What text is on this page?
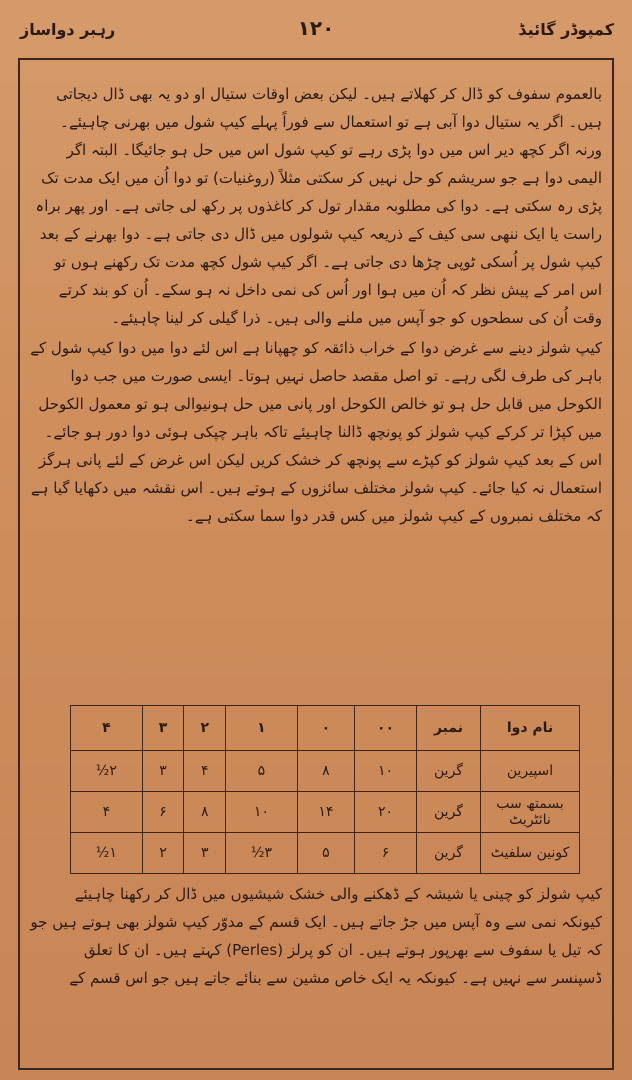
رہبر دواساز	۱۲۰	کمپوڈر گائیڈ

بالعموم سفوف کو ڈال کر کھلاتے ہیں۔ لیکن بعض اوقات ستیال او دو یہ بھی ڈال دیجاتی ہیں۔ اگر یہ ستیال دوا آبی ہے تو استعمال سے فوراً پہلے کیپ شول میں بھرنی چاہیئے۔ ورنہ اگر کچھ دیر اس میں دوا پڑی رہے تو کیپ شول اس میں حل ہو جائیگا۔ البتہ اگر الیمی دوا ہے جو سریشم کو حل نہیں کر سکتی مثلاً (روغنیات) تو دوا اُن میں ایک مدت تک پڑی رہ سکتی ہے۔ دوا کی مطلوبہ مقدار تول کر کاغذوں پر رکھ لی جاتی ہے۔ اور پھر براہ راست یا ایک ننھی سی کیف کے ذریعہ کیپ شولوں میں ڈال دی جاتی ہے۔ دوا بھرنے کے بعد کیپ شول پر اُسکی ٹوپی چڑھا دی جاتی ہے۔ اگر کیپ شول کچھ مدت تک رکھنے ہوں تو اس امر کے پیش نظر کہ اُن میں ہوا اور اُس کی نمی داخل نہ ہو سکے۔ اُن کو بند کرتے وقت اُن کی سطحوں کو جو آپس میں ملنے والی ہیں۔ ذرا گیلی کر لینا چاہیئے۔

کیپ شولز دینے سے غرض دوا کے خراب ذائقہ کو چھپانا ہے اس لئے دوا میں دوا کیپ شول کے باہر کی طرف لگی رہے۔ تو اصل مقصد حاصل نہیں ہوتا۔ ایسی صورت میں جب دوا الکوحل میں قابل حل ہو تو خالص الکوحل اور پانی میں حل ہونیوالی ہو تو معمول الکوحل میں کپڑا تر کرکے کیپ شولز کو پونچھ ڈالنا چاہیئے تاکہ باہر چپکی ہوئی دوا دور ہو جائے۔ اس کے بعد کیپ شولز کو کپڑے سے پونچھ کر خشک کریں لیکن اس غرض کے لئے پانی ہرگز استعمال نہ کیا جائے۔ کیپ شولز مختلف سائزوں کے ہوتے ہیں۔ اس نقشہ میں دکھایا گیا ہے کہ مختلف نمبروں کے کیپ شولز میں کس قدر دوا سما سکتی ہے۔

نام دوا	نمبر	۰۰	۰	۱	۲	۳	۴
اسپیرین	گرین	۱۰	۸	۵	۴	۳	۲½
بسمتھ سب نائٹریٹ	گرین	۲۰	۱۴	۱۰	۸	۶	۴
کونین سلفیٹ	گرین	۶	۵	۳½	۳	۲	۱½

کیپ شولز کو چینی یا شیشہ کے ڈھکنے والی خشک شیشیوں میں ڈال کر رکھنا چاہیئے کیونکہ نمی سے وہ آپس میں جڑ جاتے ہیں۔ ایک قسم کے مدوّر کیپ شولز بھی ہوتے ہیں جو کہ تیل یا سفوف سے بھرپور ہوتے ہیں۔ ان کو پرلز (Perles) کہتے ہیں۔ ان کا تعلق ڈسپنسر سے نہیں ہے۔ کیونکہ یہ ایک خاص مشین سے بنائے جاتے ہیں جو اس قسم کے
